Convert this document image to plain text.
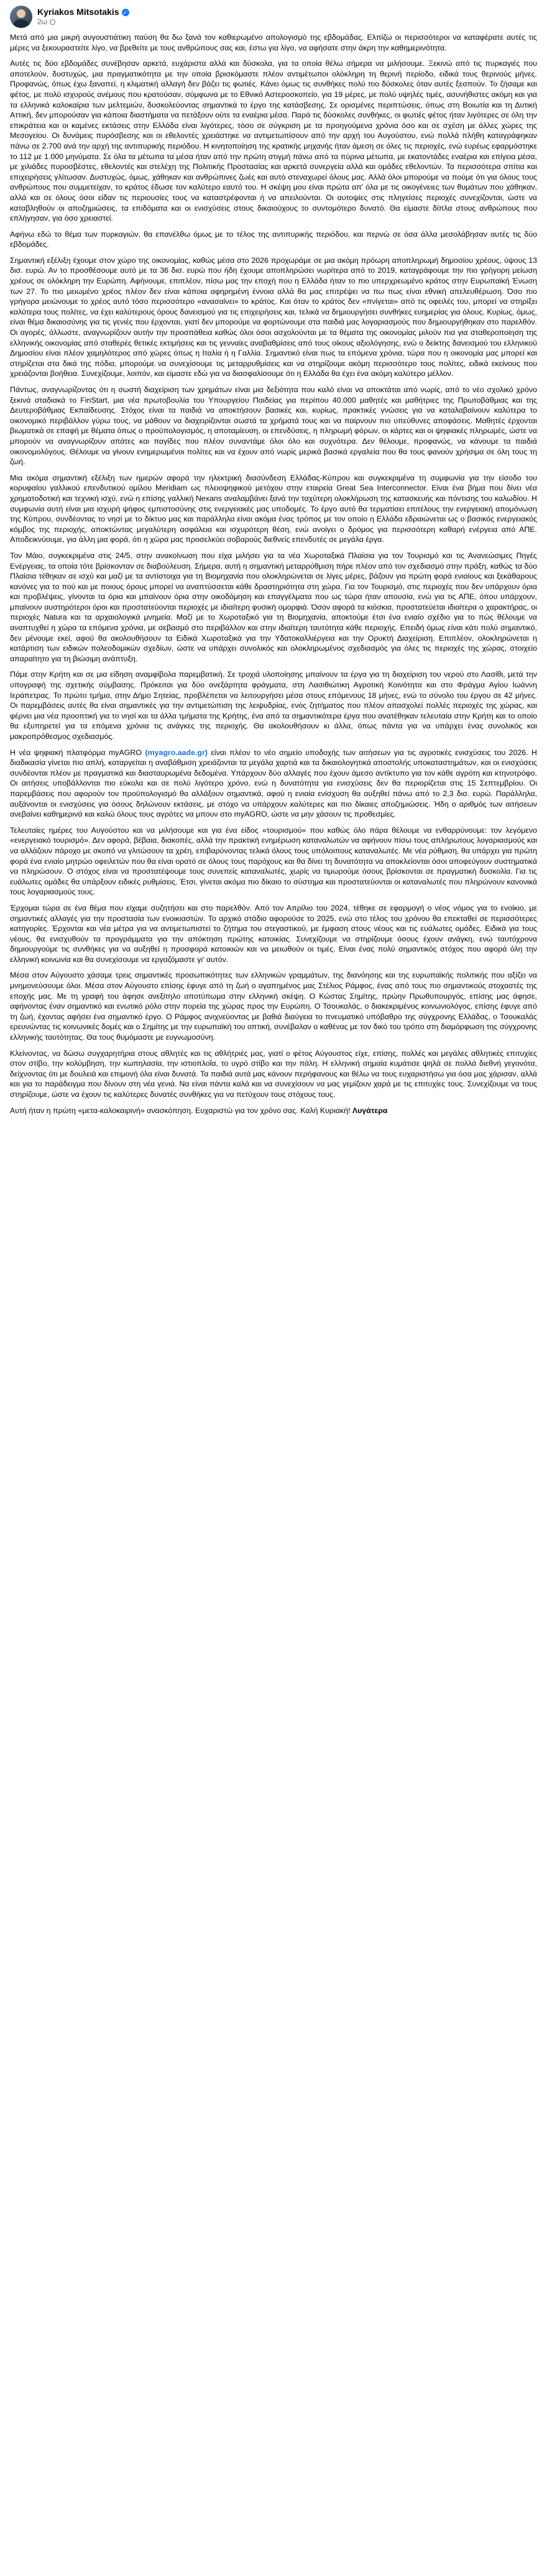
Kyriakos Mitsotakis ✓
2ω

Μετά από μια μικρή αυγουστιάτικη παύση θα δω ξανά τον καθιερωμένο απολογισμό της εβδομάδας. Ελπίζω οι περισσότεροι να καταφέρατε αυτές τις μέρες να ξεκουραστείτε λίγο, να βρεθείτε με τους ανθρώπους σας και, έστω για λίγο, να αφήσατε στην άκρη την καθημερινότητα.

Αυτές τις δύο εβδομάδες συνέβησαν αρκετά, ευχάριστα αλλά και δύσκολα, για τα οποία θέλω σήμερα να μιλήσουμε. Ξεκινώ από τις πυρκαγιές που αποτελούν, δυστυχώς, μια πραγματικότητα με την οποία βρισκόμαστε πλέον αντιμέτωποι ολόκληρη τη θερινή περίοδο, ειδικά τους θερινούς μήνες. Προφανώς, όπως έχω ξαναπεί, η κλιματική αλλαγή δεν βάζει τις φωτιές. Κάνει όμως τις συνθήκες πολύ πιο δύσκολες όταν αυτές ξεσπούν. Το ζήσαμε και φέτος, με πολύ ισχυρούς ανέμους που κρατούσαν, σύμφωνα με το Εθνικό Αστεροσκοπείο, για 19 μέρες, με πολύ υψηλές τιμές, ασυνήθιστες ακόμη και για τα ελληνικά καλοκαίρια των μελτεμιών, δυσκολεύοντας σημαντικά το έργο της κατάσβεσης. Σε ορισμένες περιπτώσεις, όπως στη Βοιωτία και τη Δυτική Αττική, δεν μπορούσαν για κάποια διαστήματα να πετάξουν ούτε τα εναέρια μέσα. Παρά τις δύσκολες συνθήκες, οι φωτιές φέτος ήταν λιγότερες σε όλη την επικράτεια και οι καμένες εκτάσεις στην Ελλάδα είναι λιγότερες, τόσο σε σύγκριση με τα προηγούμενα χρόνια όσο και σε σχέση με άλλες χώρες της Μεσογείου. Οι δυνάμεις πυρόσβεσης και οι εθελοντές χρειάστηκε να αντιμετωπίσουν από την αρχή του Αυγούστου, ενώ πολλά πλήθη καταγράφηκαν πάνω σε 2.700 ανά την αρχή της αντιπυρικής περιόδου. Η κινητοποίηση της κρατικής μηχανής ήταν άμεση σε όλες τις περιοχές, ενώ ευρέως εφαρμόστηκε το 112 με 1.000 μηνύματα. Σε όλα τα μέτωπα τα μέσα ήταν από την πρώτη στιγμή πάνω από τα πύρινα μέτωπα, με εκατοντάδες εναέρια και επίγεια μέσα, με χιλιάδες πυροσβέστες, εθελοντές και στελέχη της Πολιτικής Προστασίας και αρκετά συνεργεία αλλά και ομάδες εθελοντών. Τα περισσότερα σπίτια και επιχειρήσεις γλίτωσαν. Δυστυχώς, όμως, χάθηκαν και ανθρώπινες ζωές και αυτό στεναχωρεί όλους μας. Αλλά όλοι μπορούμε να πούμε ότι για όλους τους ανθρώπους που συμμετείχαν, το κράτος έδωσε τον καλύτερο εαυτό του. Η σκέψη μου είναι πρώτα απ' όλα με τις οικογένειες των θυμάτων που χάθηκαν, αλλά και σε όλους όσοι είδαν τις περιουσίες τους να καταστρέφονται ή να απειλούνται. Οι αυτοψίες στις πληγείσες περιοχές συνεχίζονται, ώστε να καταβληθούν οι αποζημιώσεις, τα επιδόματα και οι ενισχύσεις στους δικαιούχους το συντομότερο δυνατό. Θα είμαστε δίπλα στους ανθρώπους που επλήγησαν, για όσο χρειαστεί.

Αφήνω εδώ το θέμα των πυρκαγιών, θα επανέλθω όμως με το τέλος της αντιπυρικής περιόδου, και περνώ σε όσα άλλα μεσολάβησαν αυτές τις δύο εβδομάδες.

Σημαντική εξέλιξη έχουμε στον χώρο της οικονομίας, καθώς μέσα στο 2026 προχωράμε σε μια ακόμη πρόωρη αποπληρωμή δημοσίου χρέους, ύψους 13 δισ. ευρώ. Αν το προσθέσουμε αυτό με τα 36 δισ. ευρώ που ήδη έχουμε αποπληρώσει νωρίτερα από το 2019, καταγράφουμε την πιο γρήγορη μείωση χρέους σε ολόκληρη την Ευρώπη. Αφήνουμε, επιπλέον, πίσω μας την εποχή που η Ελλάδα ήταν το πιο υπερχρεωμένο κράτος στην Ευρωπαϊκή Ένωση των 27. Το πιο μειωμένο χρέος πλέον δεν είναι κάποια αφηρημένη έννοια αλλά θα μας επιτρέψει να πω πως είναι εθνική απελευθέρωση. Όσο πιο γρήγορα μειώνουμε το χρέος αυτό τόσο περισσότερο «ανασαίνει» το κράτος. Και όταν το κράτος δεν «πνίγεται» από τις οφειλές του, μπορεί να στηρίξει καλύτερα τους πολίτες, να έχει καλύτερους όρους δανεισμού για τις επιχειρήσεις και, τελικά να δημιουργήσει συνθήκες ευημερίας για όλους. Κυρίως, όμως, είναι θέμα δικαιοσύνης για τις γενιές που έρχονται, γιατί δεν μπορούμε να φορτώνουμε στα παιδιά μας λογαριασμούς που δημιουργήθηκαν στο παρελθόν. Οι αγορές, άλλωστε, αναγνωρίζουν αυτήν την προσπάθεια καθώς όλοι όσοι ασχολούνται με τα θέματα της οικονομίας μιλούν πια για σταθεροποίηση της ελληνικής οικονομίας από σταθερές θετικές εκτιμήσεις και τις γενναίες αναβαθμίσεις από τους οίκους αξιολόγησης, ενώ ο δείκτης δανεισμού του ελληνικού Δημοσίου είναι πλέον χαμηλότερος από χώρες όπως η Ιταλία ή η Γαλλία. Σημαντικό είναι πως τα επόμενα χρόνια, τώρα που η οικονομία μας μπορεί και στηρίζεται στα δικά της πόδια, μπορούμε να συνεχίσουμε τις μεταρρυθμίσεις και να στηρίζουμε ακόμη περισσότερο τους πολίτες, ειδικά εκείνους που χρειάζονται βοήθεια. Συνεχίζουμε, λοιπόν, και είμαστε εδώ για να διασφαλίσουμε ότι η Ελλάδα θα έχει ένα ακόμη καλύτερο μέλλον.

Πάντως, αναγνωρίζοντας ότι η σωστή διαχείριση των χρημάτων είναι μια δεξιότητα που καλό είναι να αποκτάται από νωρίς, από το νέο σχολικό χρόνο ξεκινά σταδιακά το FinStart, μια νέα πρωτοβουλία του Υπουργείου Παιδείας για περίπου 40.000 μαθητές και μαθήτριες της Πρωτοβάθμιας και της Δευτεροβάθμιας Εκπαίδευσης. Στόχος είναι τα παιδιά να αποκτήσουν βασικές και, κυρίως, πρακτικές γνώσεις για να καταλαβαίνουν καλύτερα το οικονομικό περιβάλλον γύρω τους, να μάθουν να διαχειρίζονται σωστά τα χρήματά τους και να παίρνουν πιο υπεύθυνες αποφάσεις. Μαθητές έρχονται βιωματικά σε επαφή με θέματα όπως ο προϋπολογισμός, η αποταμίευση, οι επενδύσεις, η πληρωμή φόρων, οι κάρτες και οι ψηφιακές πληρωμές, ώστε να μπορούν να αναγνωρίζουν απάτες και παγίδες που πλέον συναντάμε όλοι όλο και συχνότερα. Δεν θέλουμε, προφανώς, να κάνουμε τα παιδιά οικονομολόγους. Θέλουμε να γίνουν ενημερωμένοι πολίτες και να έχουν από νωρίς μερικά βασικά εργαλεία που θα τους φανούν χρήσιμα σε όλη τους τη ζωή.

Μια ακόμα σημαντική εξέλιξη των ημερών αφορά την ηλεκτρική διασύνδεση Ελλάδας-Κύπρου και συγκεκριμένα τη συμφωνία για την είσοδο του κορυφαίου γαλλικού επενδυτικού ομίλου Meridiam ως πλειοψηφικού μετόχου στην εταιρεία Great Sea Interconnector. Είναι ένα βήμα που δίνει νέα χρηματοδοτική και τεχνική ισχύ, ενώ η επίσης γαλλική Nexans αναλαμβάνει ξανά την ταχύτερη ολοκλήρωση της κατασκευής και πόντισης του καλωδίου. Η συμφωνία αυτή είναι μια ισχυρή ψήφος εμπιστοσύνης στις ενεργειακές μας υποδομές. Το έργο αυτό θα τερματίσει επιτέλους την ενεργειακή απομόνωση της Κύπρου, συνδέοντας το νησί με το δίκτυο μας και παράλληλα είναι ακόμα ένας τρόπος με τον οποίο η Ελλάδα εδραιώνεται ως ο βασικός ενεργειακός κόμβος της περιοχής, αποκτώντας μεγαλύτερη ασφάλεια και ισχυρότερη θέση, ενώ ανοίγει ο δρόμος για περισσότερη καθαρή ενέργεια από ΑΠΕ. Αποδεικνύουμε, για άλλη μια φορά, ότι η χώρα μας προσελκύει σοβαρούς διεθνείς επενδυτές σε μεγάλα έργα.

Τον Μάιο, συγκεκριμένα στις 24/5, στην ανακοίνωση που είχα μιλήσει για τα νέα Χωροταξικά Πλαίσια για τον Τουρισμό και τις Ανανεώσιμες Πηγές Ενέργειας, τα οποία τότε βρίσκονταν σε διαβούλευση. Σήμερα, αυτή η σημαντική μεταρρύθμιση πήρε πλέον από τον σχεδιασμό στην πράξη, καθώς τα δύο Πλαίσια τέθηκαν σε ισχύ και μαζί με τα αντίστοιχα για τη Βιομηχανία που ολοκληρώνεται σε λίγες μέρες, βάζουν για πρώτη φορά ενιαίους και ξεκάθαρους κανόνες για το πού και με ποιους όρους μπορεί να αναπτύσσεται κάθε δραστηριότητα στη χώρα. Για τον Τουρισμό, στις περιοχές που δεν υπάρχουν όρια και προβλέψεις, γίνονται τα όρια και μπαίνουν όρια στην οικοδόμηση και επαγγέλματα που ως τώρα ήταν απουσία, ενώ για τις ΑΠΕ, όπου υπάρχουν, μπαίνουν αυστηρότεροι όροι και προστατεύονται περιοχές με ιδιαίτερη φυσική ομορφιά. Όσον αφορά τα κιόσκια, προστατεύεται ιδιαίτερα ο χαρακτήρας, οι περιοχές Natura και τα αρχαιολογικά μνημεία. Μαζί με το Χωροταξικό για τη Βιομηχανία, αποκτούμε έτσι ένα ενιαίο σχέδιο για το πώς θέλουμε να αναπτυχθεί η χώρα τα επόμενα χρόνια, με σεβασμό στο περιβάλλον και στην ιδιαίτερη ταυτότητα κάθε περιοχής. Επειδή όμως είναι κάτι πολύ σημαντικό, δεν μένουμε εκεί, αφού θα ακολουθήσουν τα Ειδικά Χωροταξικά για την Υδατοκαλλιέργεια και την Ορυκτή Διαχείριση. Επιπλέον, ολοκληρώνεται η κατάρτιση των ειδικών πολεοδομικών σχεδίων, ώστε να υπάρχει συνολικός και ολοκληρωμένος σχεδιασμός για όλες τις περιοχές της χώρας, στοιχείο απαραίτητο για τη βιώσιμη ανάπτυξη.

Πάμε στην Κρήτη και σε μια είδηση αναμφίβολα παρεμβατική. Σε τροχιά υλοποίησης μπαίνουν τα έργα για τη διαχείριση του νερού στο Λασίθι, μετά την υπογραφή της σχετικής σύμβασης. Πρόκειται για δύο ανεξάρτητα φράγματα, στη Λασιθιώτικη Αγροτική Κοινότητα και στο Φράγμα Αγίου Ιωάννη Ιεράπετρας. Το πρώτο τμήμα, στην Δήμο Σητείας, προβλέπεται να λειτουργήσει μέσα στους επόμενους 18 μήνες, ενώ το σύνολο του έργου σε 42 μήνες. Οι παρεμβάσεις αυτές θα είναι σημαντικές για την αντιμετώπιση της λειψυδρίας, ενός ζητήματος που πλέον απασχολεί πολλές περιοχές της χώρας, και φέρνει μια νέα προοπτική για το νησί και τα άλλα τμήματα της Κρήτης, ένα από τα σημαντικότερα έργα που ανατέθηκαν τελευταία στην Κρήτη και το οποίο θα εξυπηρετεί για τα επόμενα χρόνια τις ανάγκες της περιοχής. Θα ακολουθήσουν κι άλλα, όπως πάντα για να υπάρχει ένας συνολικός και μακροπρόθεσμος σχεδιασμός.

Η νέα ψηφιακή πλατφόρμα myAGRO (myagro.aade.gr) είναι πλέον το νέο σημείο υποδοχής των αιτήσεων για τις αγροτικές ενισχύσεις του 2026. Η διαδικασία γίνεται πιο απλή, καταργείται η αναβάθμιση χρειάζονται τα μεγάλα χαρτιά και τα δικαιολογητικά αποστολής υποκαταστημάτων, και οι ενισχύσεις συνδέονται πλέον με πραγματικά και διασταυρωμένα δεδομένα. Υπάρχουν δύο αλλαγές που έχουν άμεσο αντίκτυπο για τον κάθε αγρότη και κτηνοτρόφο. Οι αιτήσεις υποβάλλονται πιο εύκολα και σε πολύ λιγότερο χρόνο, ενώ η δυνατότητα για ενισχύσεις δεν θα περιορίζεται στις 15 Σεπτεμβρίου. Οι παρεμβάσεις που αφορούν τον προϋπολογισμό θα αλλάξουν σημαντικά, αφού η ενιαία ενίσχυση θα αυξηθεί πάνω από το 2,3 δισ. ευρώ. Παράλληλα, αυξάνονται οι ενισχύσεις για όσους δηλώνουν εκτάσεις, με στόχο να υπάρχουν καλύτερες και πιο δίκαιες αποζημιώσεις. Ήδη ο αριθμός των αιτήσεων ανεβαίνει καθημερινά και καλώ όλους τους αγρότες να μπουν στο myAGRO, ώστε να μην χάσουν τις προθεσμίες.

Τελευταίες ημέρες του Αυγούστου και να μιλήσουμε και για ένα είδος «τουρισμού» που καθώς όλο πάρα θέλουμε να ενθαρρύνουμε: τον λεγόμενο «ενεργειακό τουρισμό». Δεν αφορά, βέβαια, διακοπές, αλλά την πρακτική ενημέρωση καταναλωτών να αφήνουν πίσω τους απλήρωτους λογαριασμούς και να αλλάζουν πάροχο με σκοπό να γλιτώσουν τα χρέη, επιβαρύνοντας τελικά όλους τους υπόλοιπους καταναλωτές. Με νέα ρύθμιση, θα υπάρχει για πρώτη φορά ένα ενιαίο μητρώο οφειλετών που θα είναι ορατό σε όλους τους παρόχους και θα δίνει τη δυνατότητα να αποκλείονται όσοι αποφεύγουν συστηματικά να πληρώσουν. Ο στόχος είναι να προστατέψουμε τους συνεπείς καταναλωτές, χωρίς να τιμωρούμε όσους βρίσκονται σε πραγματική δυσκολία. Για τις ευάλωτες ομάδες θα υπάρξουν ειδικές ρυθμίσεις. Έτσι, γίνεται ακόμα πιο δίκαιο το σύστημα και προστατεύονται οι καταναλωτές που πληρώνουν κανονικά τους λογαριασμούς τους.

Έρχομαι τώρα σε ένα θέμα που είχαμε συζητήσει και στο παρελθόν. Από τον Απρίλιο του 2024, τέθηκε σε εφαρμογή ο νέος νόμος για το ενοίκιο, με σημαντικές αλλαγές για την προστασία των ενοικιαστών. Το αρχικό στάδιο αφορούσε το 2025, ενώ στο τέλος του χρόνου θα επεκταθεί σε περισσότερες κατηγορίες. Έρχονται και νέα μέτρα για να αντιμετωπιστεί το ζήτημα του στεγαστικού, με έμφαση στους νέους και τις ευάλωτες ομάδες. Ειδικά για τους νέους, θα ενισχυθούν τα προγράμματα για την απόκτηση πρώτης κατοικίας. Συνεχίζουμε να στηρίζουμε όσους έχουν ανάγκη, ενώ ταυτόχρονα δημιουργούμε τις συνθήκες για να αυξηθεί η προσφορά κατοικιών και να μειωθούν οι τιμές. Είναι ένας πολύ σημαντικός στόχος που αφορά όλη την ελληνική κοινωνία και θα συνεχίσουμε να εργαζόμαστε γι' αυτόν.

Μέσα στον Αύγουστο χάσαμε τρεις σημαντικές προσωπικότητες των ελληνικών γραμμάτων, της διανόησης και της ευρωπαϊκής πολιτικής που αξίζει να μνημονεύσουμε όλοι. Μέσα στον Αύγουστο επίσης έφυγε από τη ζωή ο αγαπημένος μας Στέλιος Ράμφος, ένας από τους πιο σημαντικούς στοχαστές της εποχής μας. Με τη γραφή του άφησε ανεξίτηλο αποτύπωμα στην ελληνική σκέψη. Ο Κώστας Σημίτης, πρώην Πρωθυπουργός, επίσης μας άφησε, αφήνοντας έναν σημαντικό και ενωτικό ρόλο στην πορεία της χώρας προς την Ευρώπη. Ο Τσουκαλάς, ο διακεκριμένος κοινωνιολόγος, επίσης έφυγε από τη ζωή, έχοντας αφήσει ένα σημαντικό έργο. Ο Ράμφος ανιχνεύοντας με βαθιά διαύγεια το πνευματικό υπόβαθρο της σύγχρονης Ελλάδας, ο Τσουκαλάς ερευνώντας τις κοινωνικές δομές και ο Σημίτης με την ευρωπαϊκή του οπτική, συνέβαλαν ο καθένας με τον δικό του τρόπο στη διαμόρφωση της σύγχρονης ελληνικής ταυτότητας. Θα τους θυμόμαστε με ευγνωμοσύνη.

Κλείνοντας, να δώσω συγχαρητήρια στους αθλητές και τις αθλήτριές μας, γιατί ο φέτος Αύγουστος είχε, επίσης, πολλές και μεγάλες αθλητικές επιτυχίες στον στίβο, την κολύμβηση, την κωπηλασία, την ιστιοπλοΐα, το υγρό στίβο και την πάλη. Η ελληνική σημαία κυμάτισε ψηλά σε πολλά διεθνή γεγονότα, δείχνοντας ότι με δουλειά και επιμονή όλα είναι δυνατά. Τα παιδιά αυτά μας κάνουν περήφανους και θέλω να τους ευχαριστήσω για όσα μας χάρισαν, αλλά και για το παράδειγμα που δίνουν στη νέα γενιά. Να είναι πάντα καλά και να συνεχίσουν να μας γεμίζουν χαρά με τις επιτυχίες τους. Συνεχίζουμε να τους στηρίζουμε, ώστε να έχουν τις καλύτερες δυνατές συνθήκες για να πετύχουν τους στόχους τους.

Αυτή ήταν η πρώτη «μετα-καλοκαιρινή» ανασκόπηση. Ευχαριστώ για τον χρόνο σας. Καλή Κυριακή! Λυγάτερα
